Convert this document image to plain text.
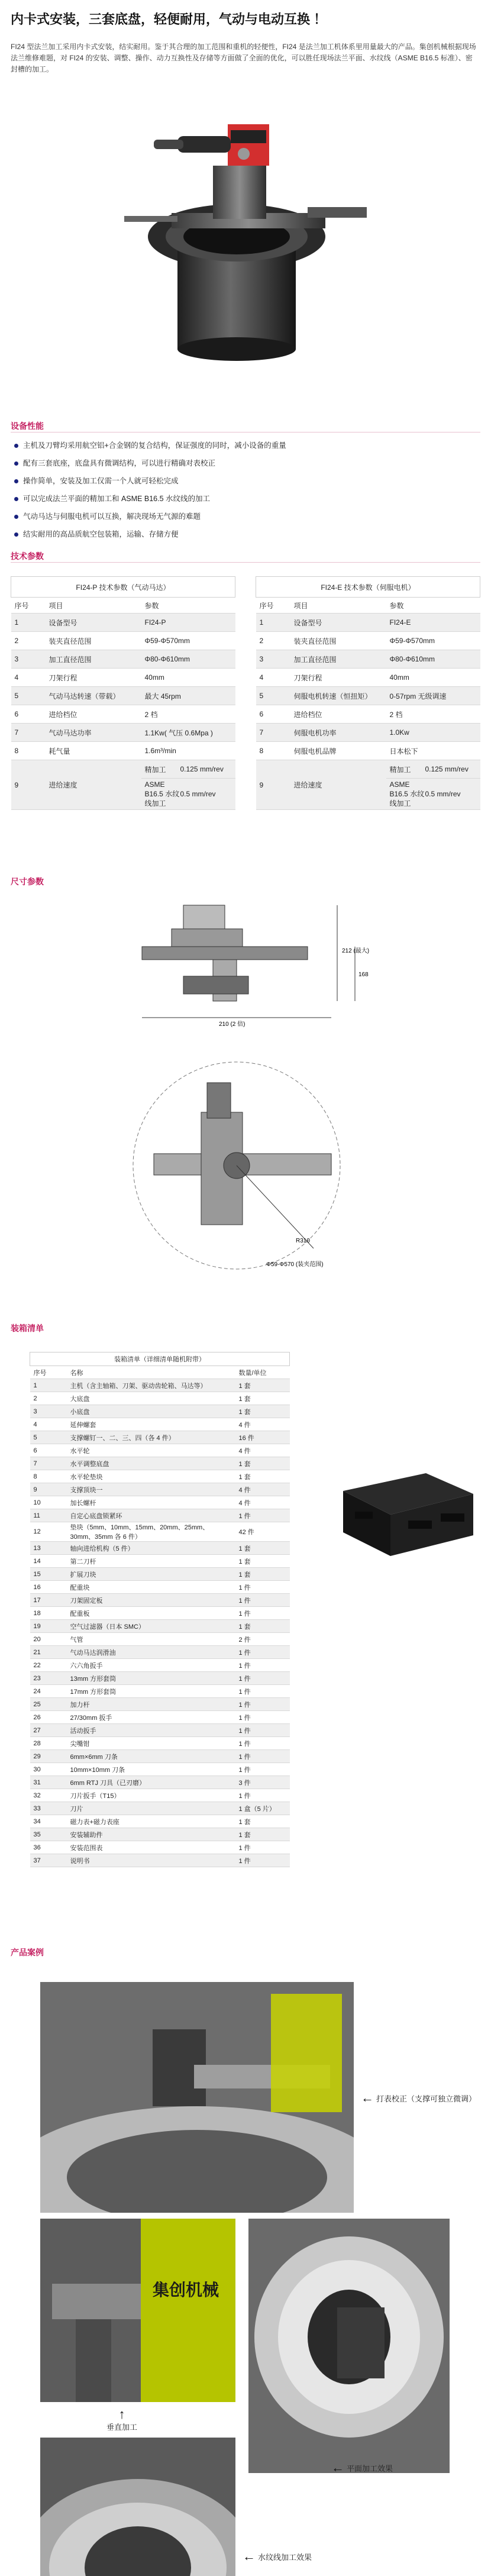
内卡式安装，三套底盘，轻便耐用，气动与电动互换 ！
FI24 型法兰加工采用内卡式安装，结实耐用。鉴于其合理的加工范围和重机的轻便性，FI24 是法兰加工机体系里用量最大的产品。集创机械根据现场法兰维修难题，对 FI24 的安装、调整、操作、动力互换性及存储等方面做了全面的优化，可以胜任现场法兰平面、水纹线（ASME B16.5 标准）、密封槽的加工。
设备性能
主机及刀臂均采用航空铝+合金钢的复合结构，保证强度的同时，减小设备的重量
配有三套底座，底盘具有微调结构，可以进行精确对表校正
操作简单，安装及加工仅需一个人就可轻松完成
可以完成法兰平面的精加工和 ASME B16.5 水纹线的加工
气动马达与伺服电机可以互换，解决现场无气源的难题
结实耐用的高品质航空包装箱，运输、存储方便
技术参数
FI24-P 技术参数（气动马达）		
序号	项目	参数
1	设备型号	FI24-P
2	装夹直径范围	Φ59-Φ570mm
3	加工直径范围	Φ80-Φ610mm
4	刀架行程	40mm
5	气动马达转速（带载）	最大 45rpm
6	进给档位	2 档
7	气动马达功率	1.1Kw( 气压 0.6Mpa )
8	耗气量	1.6m³/min
9	进给速度	精加工 0.125 mm/rev
ASME B16.5 水纹线加工
0.5 mm/rev
FI24-E 技术参数（伺服电机）		
序号	项目	参数
1	设备型号	FI24-E
2	装夹直径范围	Φ59-Φ570mm
3	加工直径范围	Φ80-Φ610mm
4	刀架行程	40mm
5	伺服电机转速（恒扭矩）	0-57rpm 无级调速
6	进给档位	2 档
7	伺服电机功率	1.0Kw
8	伺服电机品牌	日本松下
9	进给速度	精加工 0.125 mm/rev
ASME B16.5 水纹线加工
0.5 mm/rev
尺寸参数
210 (2 倍)
212 (最大)
168
R310
Φ59-Φ570 (装夹范围)
装箱清单
装箱清单（详细清单随机附带）		
序号	名称	数量/单位
1	主机（含主轴箱、刀架、驱动齿轮箱、马达等）	1 套
2	大底盘	1 套
3	小底盘	1 套
4	延伸螺套	4 件
5	支撑螺钉一、二、三、四（各 4 件）	16 件
6	水平轮	4 件
7	水平调整底盘	1 套
8	水平轮垫块	1 套
9	支撑顶块一	4 件
10	加长螺杆	4 件
11	自定心底盘锁紧环	1 件
12	垫块（5mm、10mm、15mm、20mm、25mm、30mm、35mm 各 6 件）	42 件
13	轴向进给机构（5 件）	1 套
14	第二刀杆	1 套
15	扩展刀块	1 套
16	配重块	1 件
17	刀架固定板	1 件
18	配重板	1 件
19	空气过滤器（日本 SMC）	1 套
20	气管	2 件
21	气动马达润滑油	1 件
22	六六角扳手	1 件
23	13mm 方形套筒	1 件
24	17mm 方形套筒	1 件
25	加力杆	1 件
26	27/30mm 扳手	1 件
27	活动扳手	1 件
28	尖嘴钳	1 件
29	6mm×6mm 刀条	1 件
30	10mm×10mm 刀条	1 件
31	6mm RTJ 刀具（已刃磨）	3 件
32	刀片扳手（T15）	1 件
33	刀片	1 盒（5 片）
34	磁力表+磁力表座	1 套
35	安装辅助件	1 套
36	安装范围表	1 件
37	说明书	1 件
产品案例
← 打表校正（支撑可独立微调）
集创机械
↑
垂直加工
← 平面加工效果
← 水纹线加工效果
